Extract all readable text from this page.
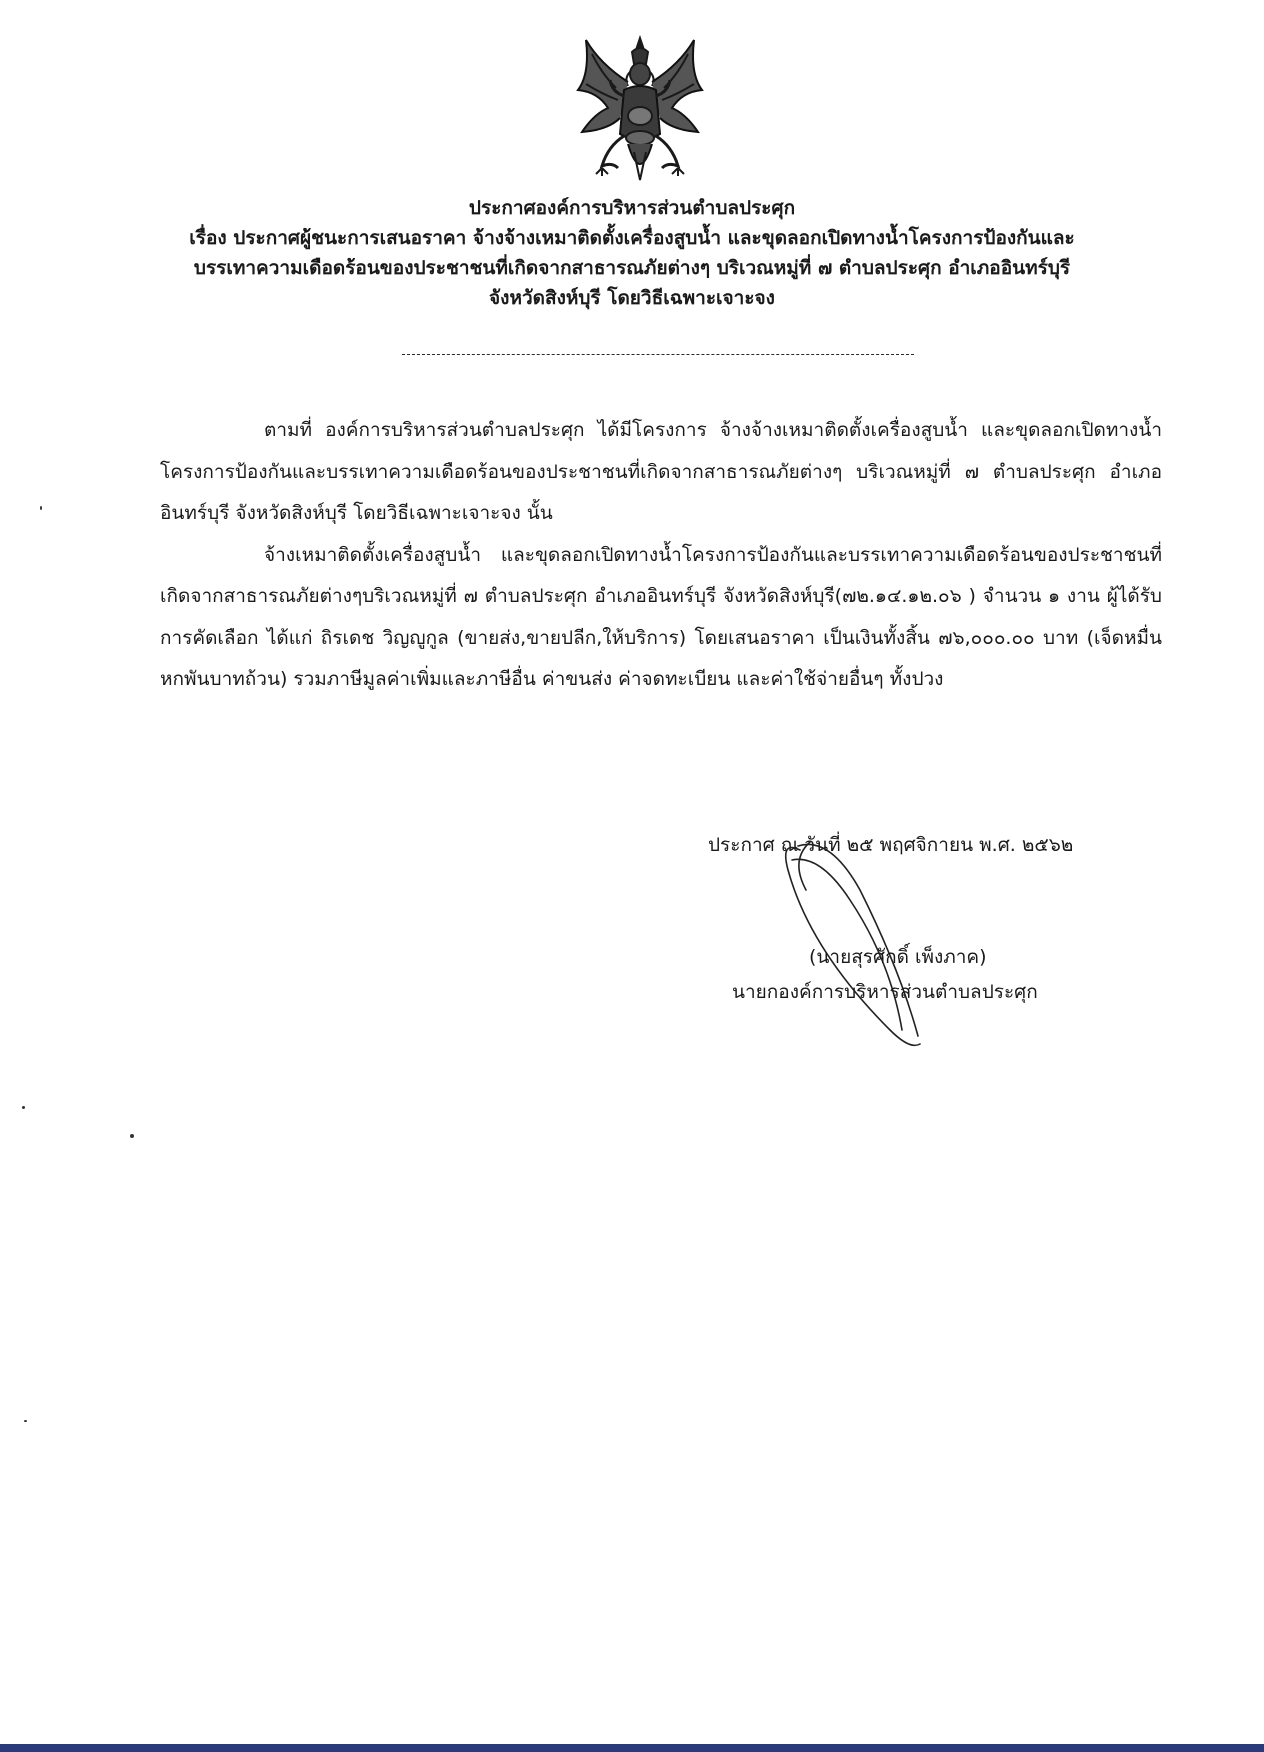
ประกาศองค์การบริหารส่วนตำบลประศุก
เรื่อง ประกาศผู้ชนะการเสนอราคา จ้างจ้างเหมาติดตั้งเครื่องสูบน้ำ และขุดลอกเปิดทางน้ำโครงการป้องกันและ
บรรเทาความเดือดร้อนของประชาชนที่เกิดจากสาธารณภัยต่างๆ บริเวณหมู่ที่ ๗ ตำบลประศุก อำเภออินทร์บุรี
จังหวัดสิงห์บุรี โดยวิธีเฉพาะเจาะจง

ตามที่ องค์การบริหารส่วนตำบลประศุก ได้มีโครงการ จ้างจ้างเหมาติดตั้งเครื่องสูบน้ำ และขุดลอกเปิดทางน้ำโครงการป้องกันและบรรเทาความเดือดร้อนของประชาชนที่เกิดจากสาธารณภัยต่างๆ บริเวณหมู่ที่ ๗ ตำบลประศุก อำเภออินทร์บุรี จังหวัดสิงห์บุรี โดยวิธีเฉพาะเจาะจง นั้น

จ้างเหมาติดตั้งเครื่องสูบน้ำ และขุดลอกเปิดทางน้ำโครงการป้องกันและบรรเทาความเดือดร้อนของประชาชนที่เกิดจากสาธารณภัยต่างๆบริเวณหมู่ที่ ๗ ตำบลประศุก อำเภออินทร์บุรี จังหวัดสิงห์บุรี(๗๒.๑๔.๑๒.๐๖ ) จำนวน ๑ งาน ผู้ได้รับการคัดเลือก ได้แก่ ถิรเดช วิญญูกูล (ขายส่ง,ขายปลีก,ให้บริการ) โดยเสนอราคา เป็นเงินทั้งสิ้น ๗๖,๐๐๐.๐๐ บาท (เจ็ดหมื่นหกพันบาทถ้วน) รวมภาษีมูลค่าเพิ่มและภาษีอื่น ค่าขนส่ง ค่าจดทะเบียน และค่าใช้จ่ายอื่นๆ ทั้งปวง

ประกาศ ณ วันที่ ๒๕ พฤศจิกายน พ.ศ. ๒๕๖๒
(นายสุรศักดิ์ เพ็งภาค)
นายกองค์การบริหารส่วนตำบลประศุก
